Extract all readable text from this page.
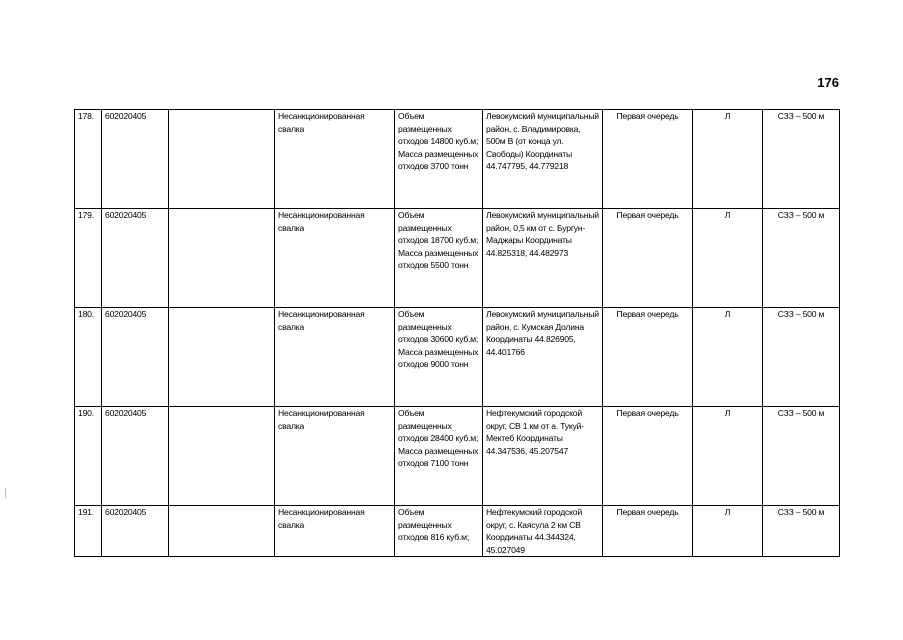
176
178.	602020405		Несанкционированная свалка	Объем размещенных отходов 14800 куб.м; Масса размещенных отходов 3700 тонн	Левокумский муниципальный район, с. Владимировка, 500м В (от конца ул. Свободы) Координаты 44.747795, 44.779218	Первая очередь	Л	СЗЗ – 500 м
179.	602020405		Несанкционированная свалка	Объем размещенных отходов 18700 куб.м; Масса размещенных отходов 5500 тонн	Левокумский муниципальный район, 0,5 км от с. Бургун-Маджары Координаты 44.825318, 44.482973	Первая очередь	Л	СЗЗ – 500 м
180.	602020405		Несанкционированная свалка	Объем размещенных отходов 30600 куб.м; Масса размещенных отходов 9000 тонн	Левокумский муниципальный район, с. Кумская Долина Координаты 44.826905, 44.401766	Первая очередь	Л	СЗЗ – 500 м
190.	602020405		Несанкционированная свалка	Объем размещенных отходов 28400 куб.м; Масса размещенных отходов 7100 тонн	Нефтекумский городской округ, СВ 1 км от а. Тукуй-Мектеб Координаты 44.347536, 45.207547	Первая очередь	Л	СЗЗ – 500 м
191.	602020405		Несанкционированная свалка	Объем размещенных отходов 816 куб.м;	Нефтекумский городской округ, с. Каясула 2 км СВ Координаты 44.344324, 45.027049	Первая очередь	Л	СЗЗ – 500 м
